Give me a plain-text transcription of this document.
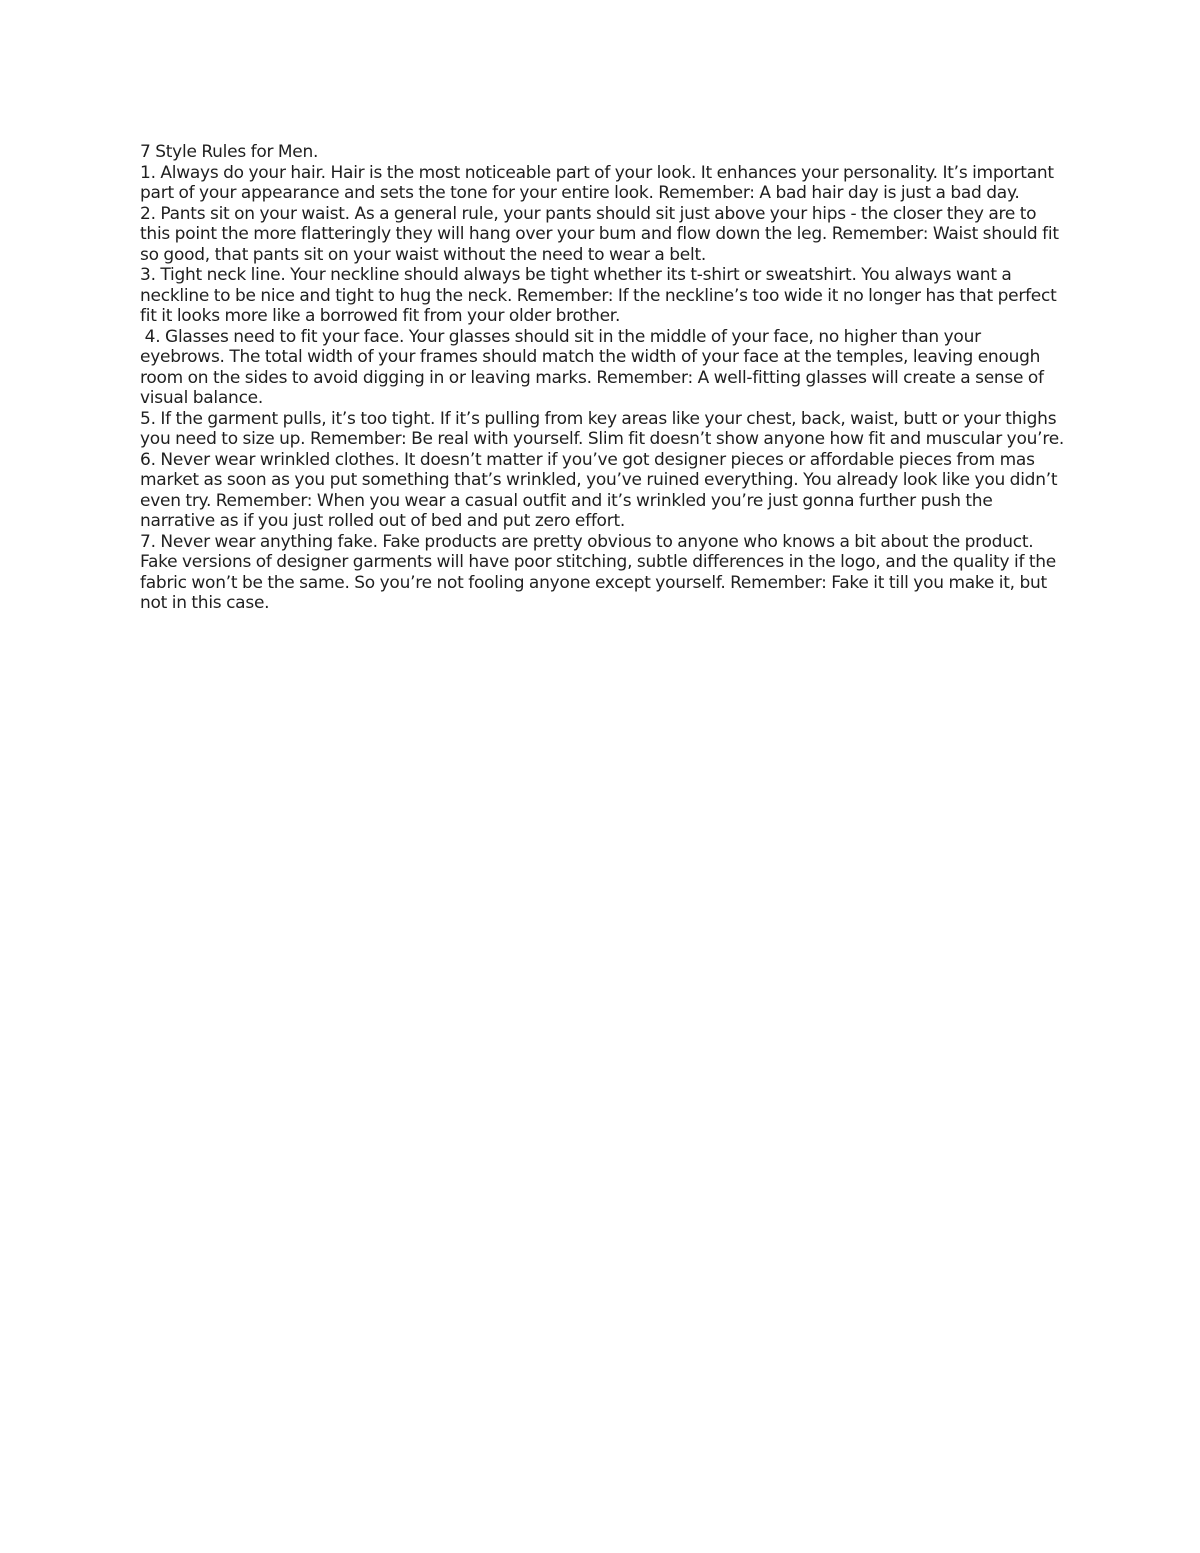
7 Style Rules for Men.

1. Always do your hair. Hair is the most noticeable part of your look. It enhances your personality. It’s important part of your appearance and sets the tone for your entire look. Remember: A bad hair day is just a bad day.

2. Pants sit on your waist. As a general rule, your pants should sit just above your hips - the closer they are to this point the more flatteringly they will hang over your bum and flow down the leg. Remember: Waist should fit so good, that pants sit on your waist without the need to wear a belt.

3. Tight neck line. Your neckline should always be tight whether its t-shirt or sweatshirt. You always want a neckline to be nice and tight to hug the neck. Remember: If the neckline’s too wide it no longer has that perfect fit it looks more like a borrowed fit from your older brother.

4. Glasses need to fit your face. Your glasses should sit in the middle of your face, no higher than your eyebrows. The total width of your frames should match the width of your face at the temples, leaving enough room on the sides to avoid digging in or leaving marks. Remember: A well-fitting glasses will create a sense of visual balance.

5. If the garment pulls, it’s too tight. If it’s pulling from key areas like your chest, back, waist, butt or your thighs you need to size up. Remember: Be real with yourself. Slim fit doesn’t show anyone how fit and muscular you’re.

6. Never wear wrinkled clothes. It doesn’t matter if you’ve got designer pieces or affordable pieces from mas market as soon as you put something that’s wrinkled, you’ve ruined everything. You already look like you didn’t even try. Remember: When you wear a casual outfit and it’s wrinkled you’re just gonna further push the narrative as if you just rolled out of bed and put zero effort.

7. Never wear anything fake. Fake products are pretty obvious to anyone who knows a bit about the product. Fake versions of designer garments will have poor stitching, subtle differences in the logo, and the quality if the fabric won’t be the same. So you’re not fooling anyone except yourself. Remember: Fake it till you make it, but not in this case.
